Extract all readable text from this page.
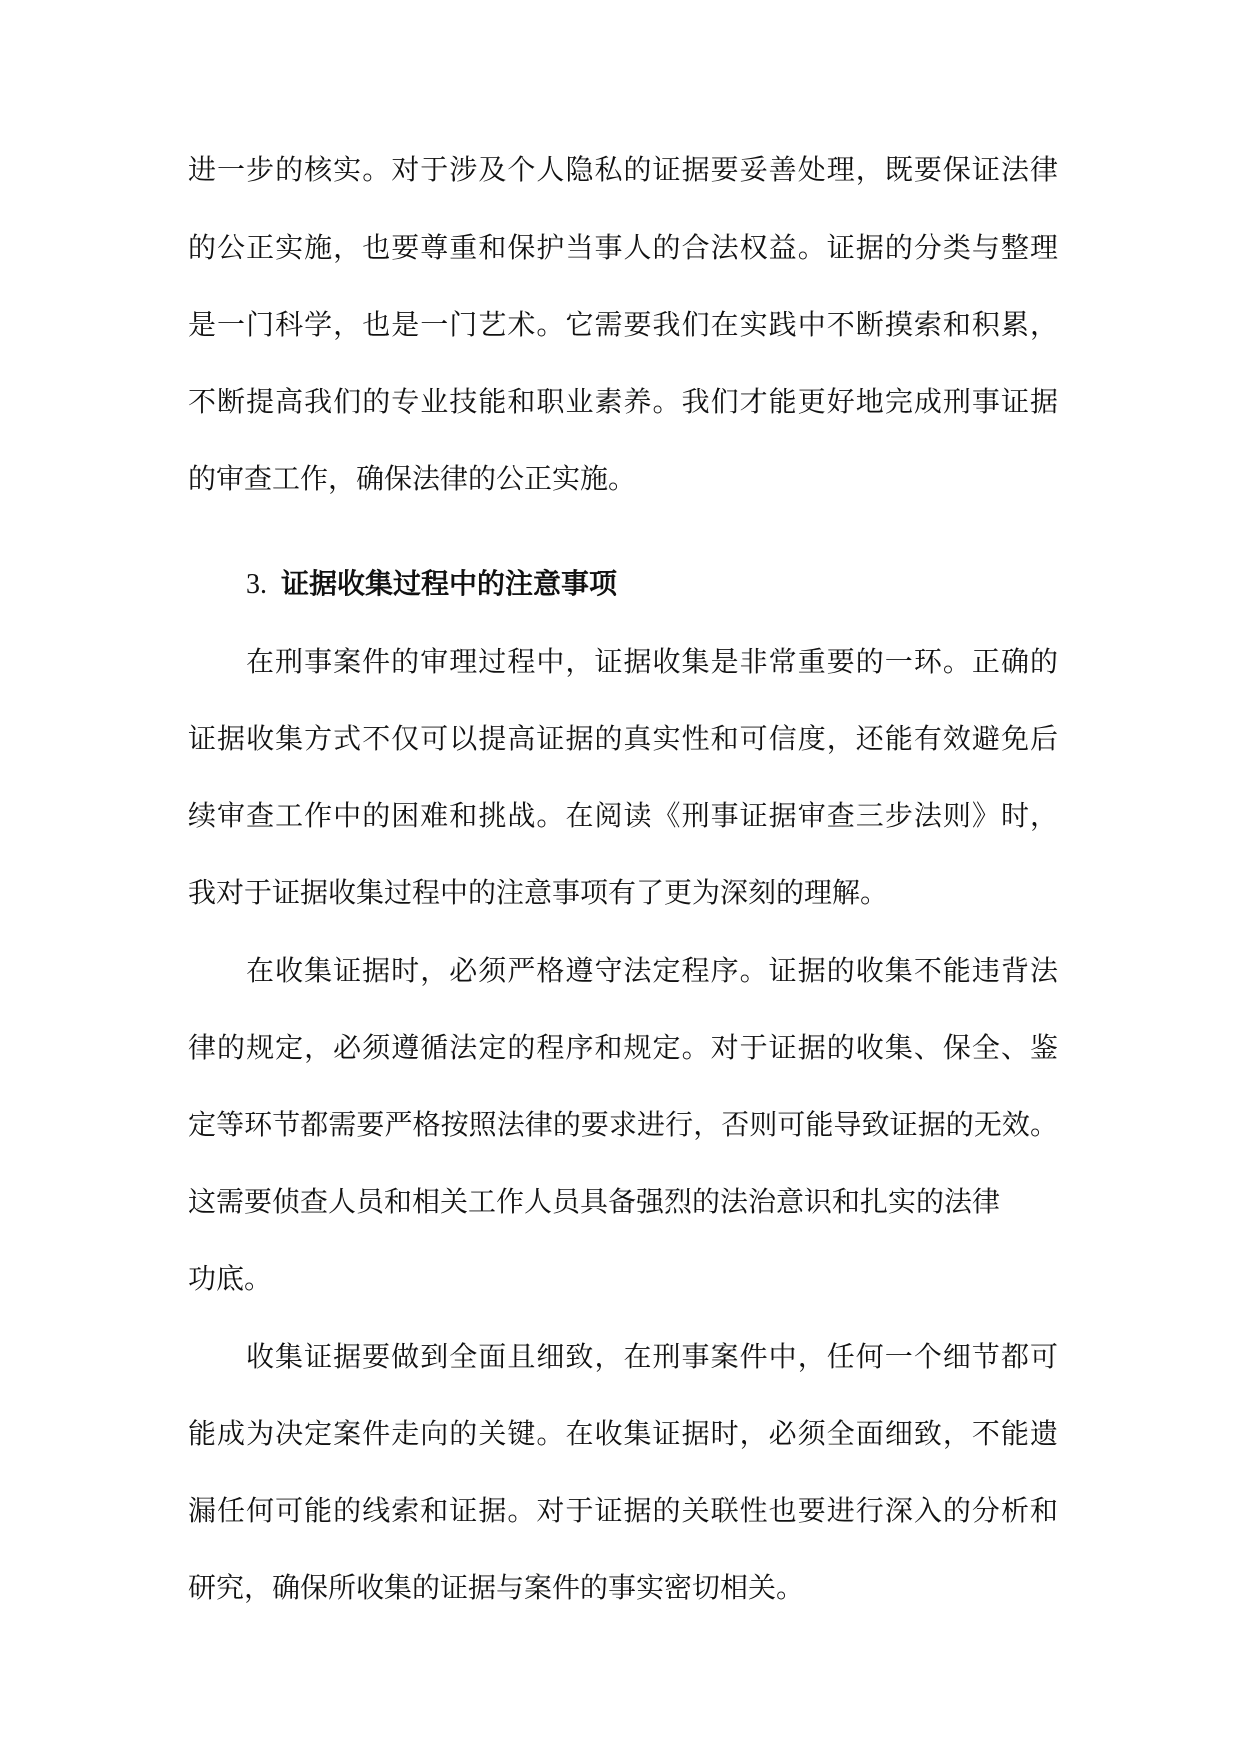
进一步的核实。对于涉及个人隐私的证据要妥善处理，既要保证法律
的公正实施，也要尊重和保护当事人的合法权益。证据的分类与整理
是一门科学，也是一门艺术。它需要我们在实践中不断摸索和积累，
不断提高我们的专业技能和职业素养。我们才能更好地完成刑事证据
的审查工作，确保法律的公正实施。
3. 证据收集过程中的注意事项
在刑事案件的审理过程中，证据收集是非常重要的一环。正确的
证据收集方式不仅可以提高证据的真实性和可信度，还能有效避免后
续审查工作中的困难和挑战。在阅读《刑事证据审查三步法则》时，
我对于证据收集过程中的注意事项有了更为深刻的理解。
在收集证据时，必须严格遵守法定程序。证据的收集不能违背法
律的规定，必须遵循法定的程序和规定。对于证据的收集、保全、鉴
定等环节都需要严格按照法律的要求进行，否则可能导致证据的无效。
这需要侦查人员和相关工作人员具备强烈的法治意识和扎实的法律
功底。
收集证据要做到全面且细致，在刑事案件中，任何一个细节都可
能成为决定案件走向的关键。在收集证据时，必须全面细致，不能遗
漏任何可能的线索和证据。对于证据的关联性也要进行深入的分析和
研究，确保所收集的证据与案件的事实密切相关。
